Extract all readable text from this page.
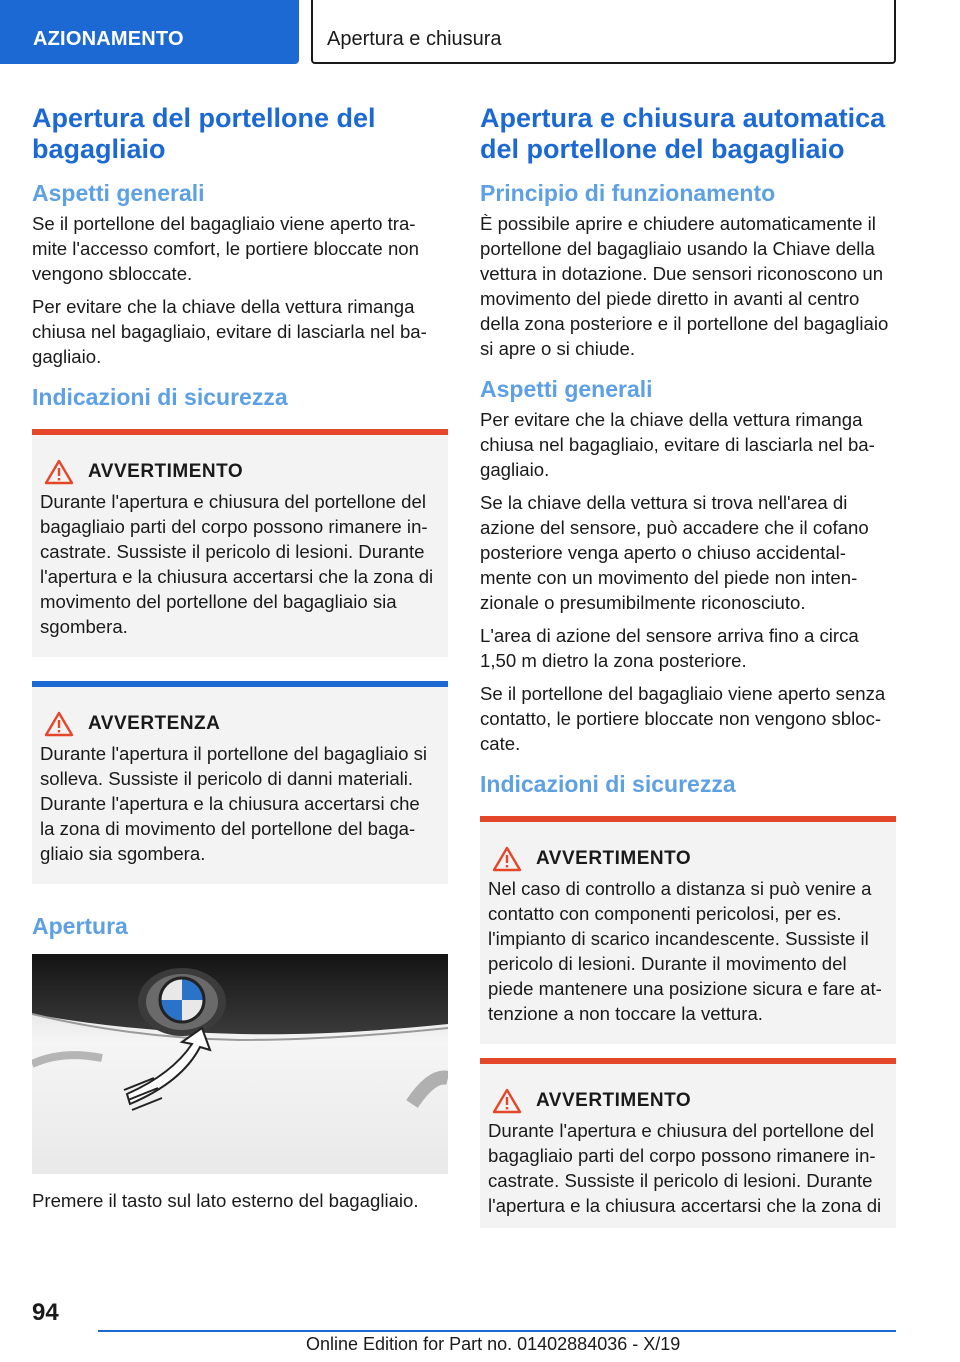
AZIONAMENTO	Apertura e chiusura
Apertura del portellone del bagagliaio
Aspetti generali

Se il portellone del bagagliaio viene aperto tra-mite l'accesso comfort, le portiere bloccate non vengono sbloccate.

Per evitare che la chiave della vettura rimanga chiusa nel bagagliaio, evitare di lasciarla nel ba-gagliaio.

Indicazioni di sicurezza
AVVERTIMENTO

Durante l'apertura e chiusura del portellone del bagagliaio parti del corpo possono rimanere in-castrate. Sussiste il pericolo di lesioni. Durante l'apertura e la chiusura accertarsi che la zona di movimento del portellone del bagagliaio sia sgombera.

AVVERTENZA

Durante l'apertura il portellone del bagagliaio si solleva. Sussiste il pericolo di danni materiali. Durante l'apertura e la chiusura accertarsi che la zona di movimento del portellone del baga-gliaio sia sgombera.

Apertura

Premere il tasto sul lato esterno del bagagliaio.

Apertura e chiusura automatica del portellone del bagagliaio
Principio di funzionamento

È possibile aprire e chiudere automaticamente il portellone del bagagliaio usando la Chiave della vettura in dotazione. Due sensori riconoscono un movimento del piede diretto in avanti al centro della zona posteriore e il portellone del bagagliaio si apre o si chiude.

Aspetti generali

Per evitare che la chiave della vettura rimanga chiusa nel bagagliaio, evitare di lasciarla nel ba-gagliaio.

Se la chiave della vettura si trova nell'area di azione del sensore, può accadere che il cofano posteriore venga aperto o chiuso accidental-mente con un movimento del piede non inten-zionale o presumibilmente riconosciuto.

L'area di azione del sensore arriva fino a circa 1,50 m dietro la zona posteriore.

Se il portellone del bagagliaio viene aperto senza contatto, le portiere bloccate non vengono sbloc-cate.

Indicazioni di sicurezza
AVVERTIMENTO

Nel caso di controllo a distanza si può venire a contatto con componenti pericolosi, per es. l'impianto di scarico incandescente. Sussiste il pericolo di lesioni. Durante il movimento del piede mantenere una posizione sicura e fare at-tenzione a non toccare la vettura.

AVVERTIMENTO

Durante l'apertura e chiusura del portellone del bagagliaio parti del corpo possono rimanere in-castrate. Sussiste il pericolo di lesioni. Durante l'apertura e la chiusura accertarsi che la zona di

94
Online Edition for Part no. 01402884036 - X/19
